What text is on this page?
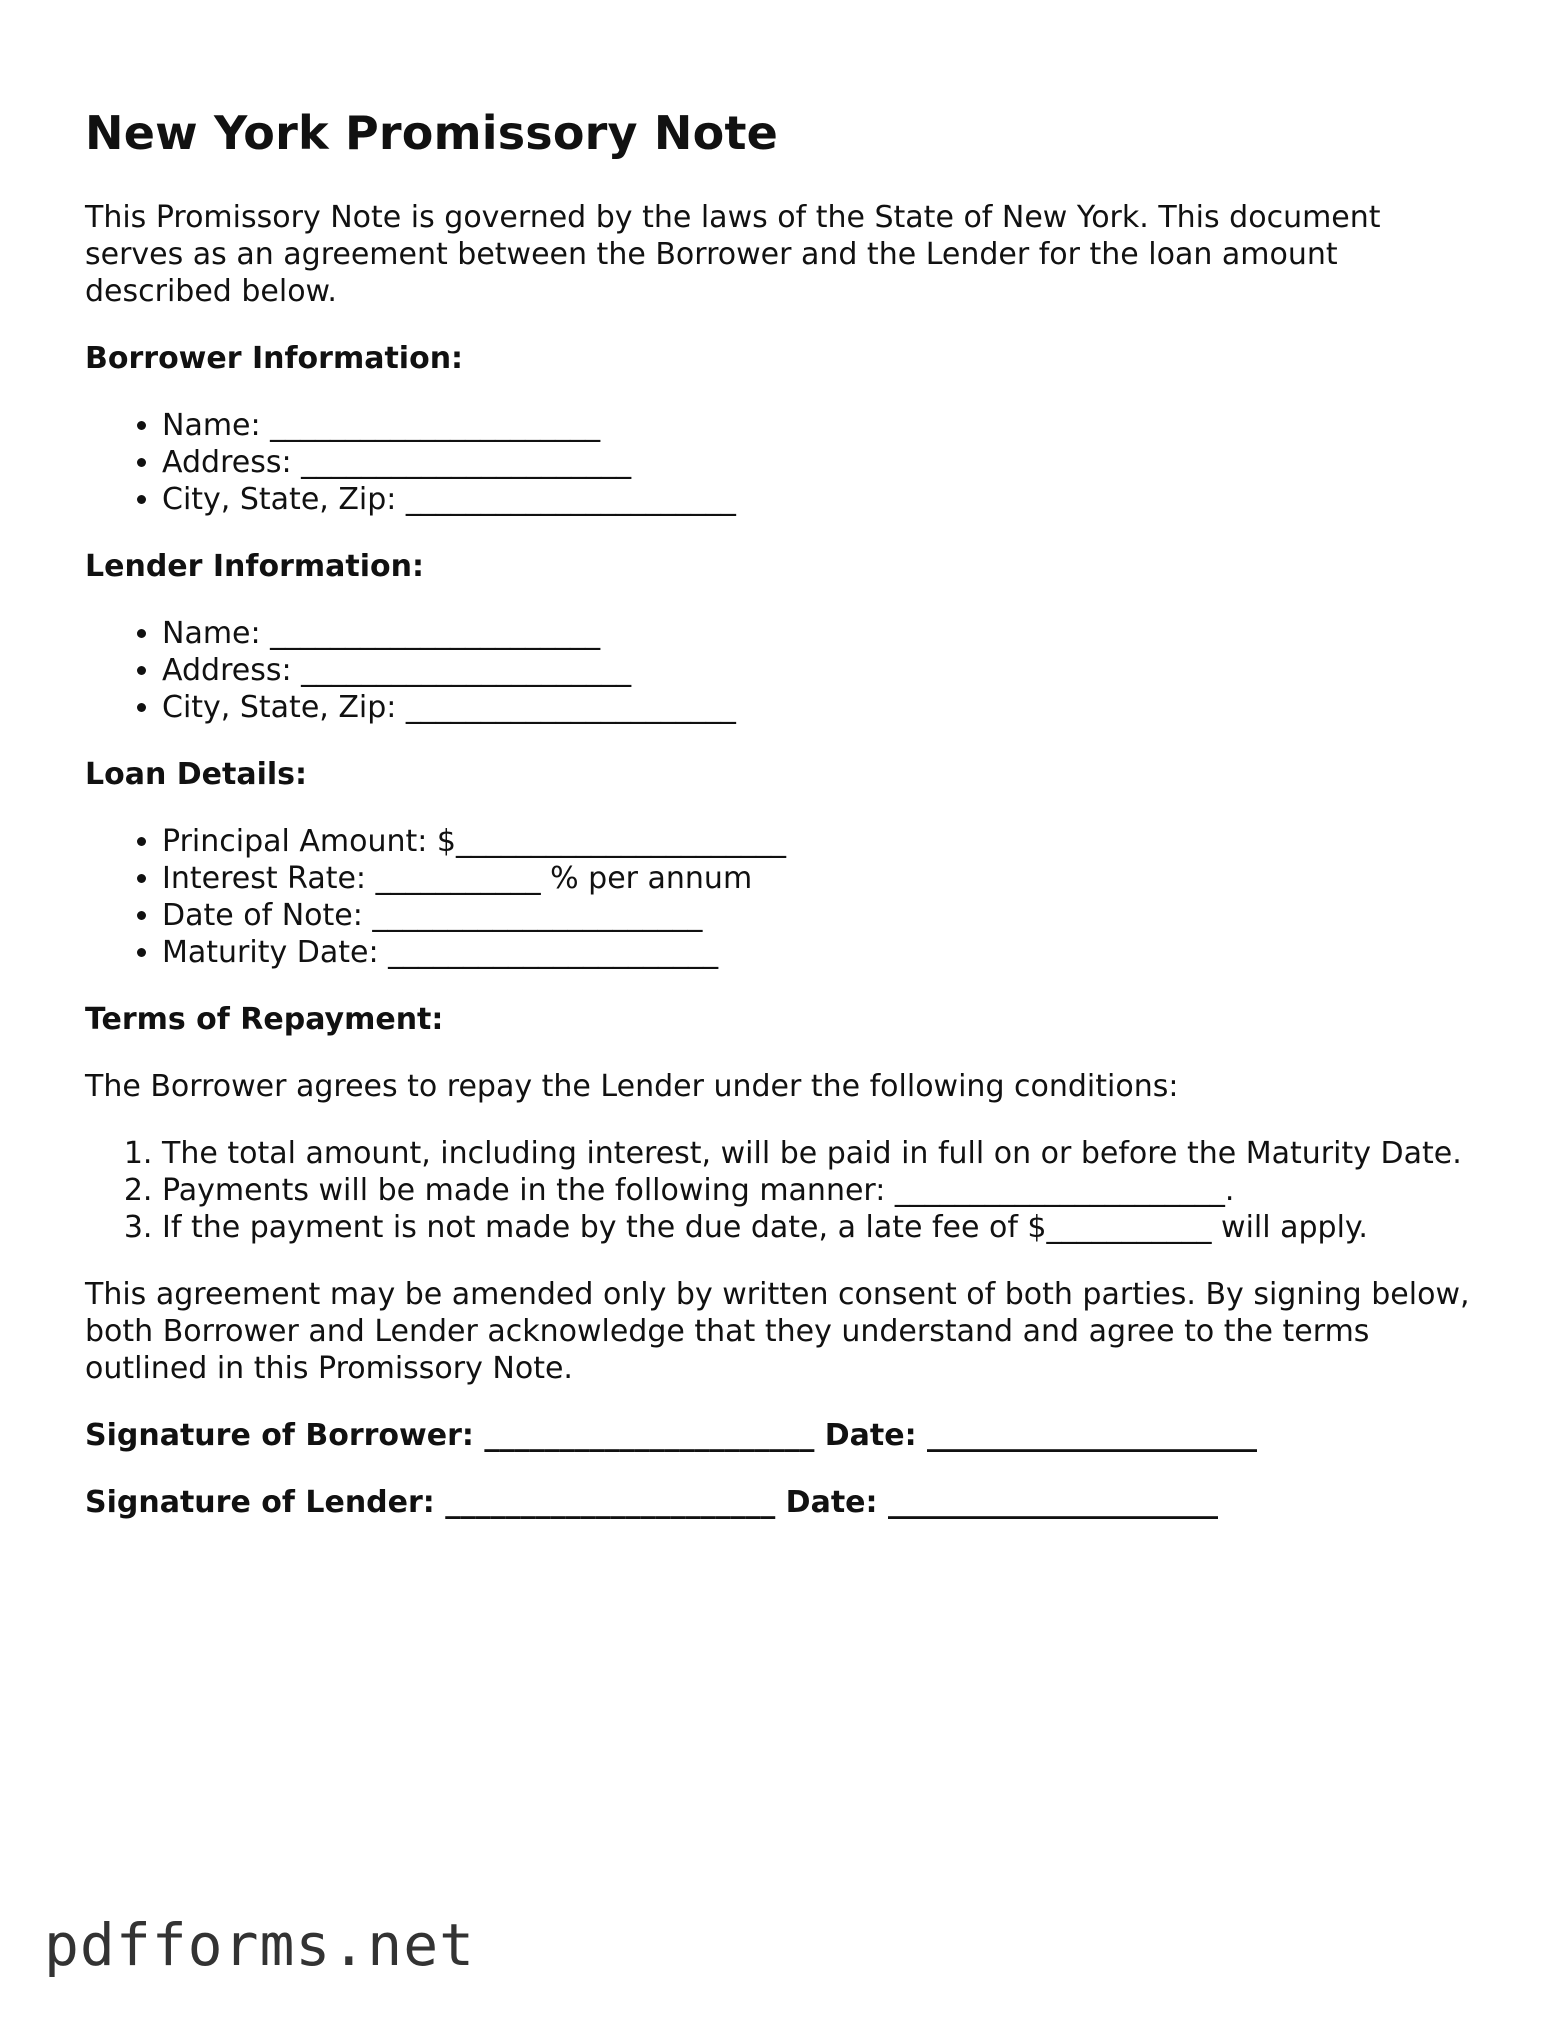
New York Promissory Note

This Promissory Note is governed by the laws of the State of New York. This document serves as an agreement between the Borrower and the Lender for the loan amount described below.

Borrower Information:
• Name: ______________________
• Address: ______________________
• City, State, Zip: ______________________
Lender Information:
• Name: ______________________
• Address: ______________________
• City, State, Zip: ______________________
Loan Details:
• Principal Amount: $______________________
• Interest Rate: ___________ % per annum
• Date of Note: ______________________
• Maturity Date: ______________________
Terms of Repayment:

The Borrower agrees to repay the Lender under the following conditions:

1. The total amount, including interest, will be paid in full on or before the Maturity Date.
2. Payments will be made in the following manner: ______________________.
3. If the payment is not made by the due date, a late fee of $___________ will apply.

This agreement may be amended only by written consent of both parties. By signing below, both Borrower and Lender acknowledge that they understand and agree to the terms outlined in this Promissory Note.

Signature of Borrower: ______________________ Date: ______________________
Signature of Lender: ______________________ Date: ______________________
pdfforms.net
